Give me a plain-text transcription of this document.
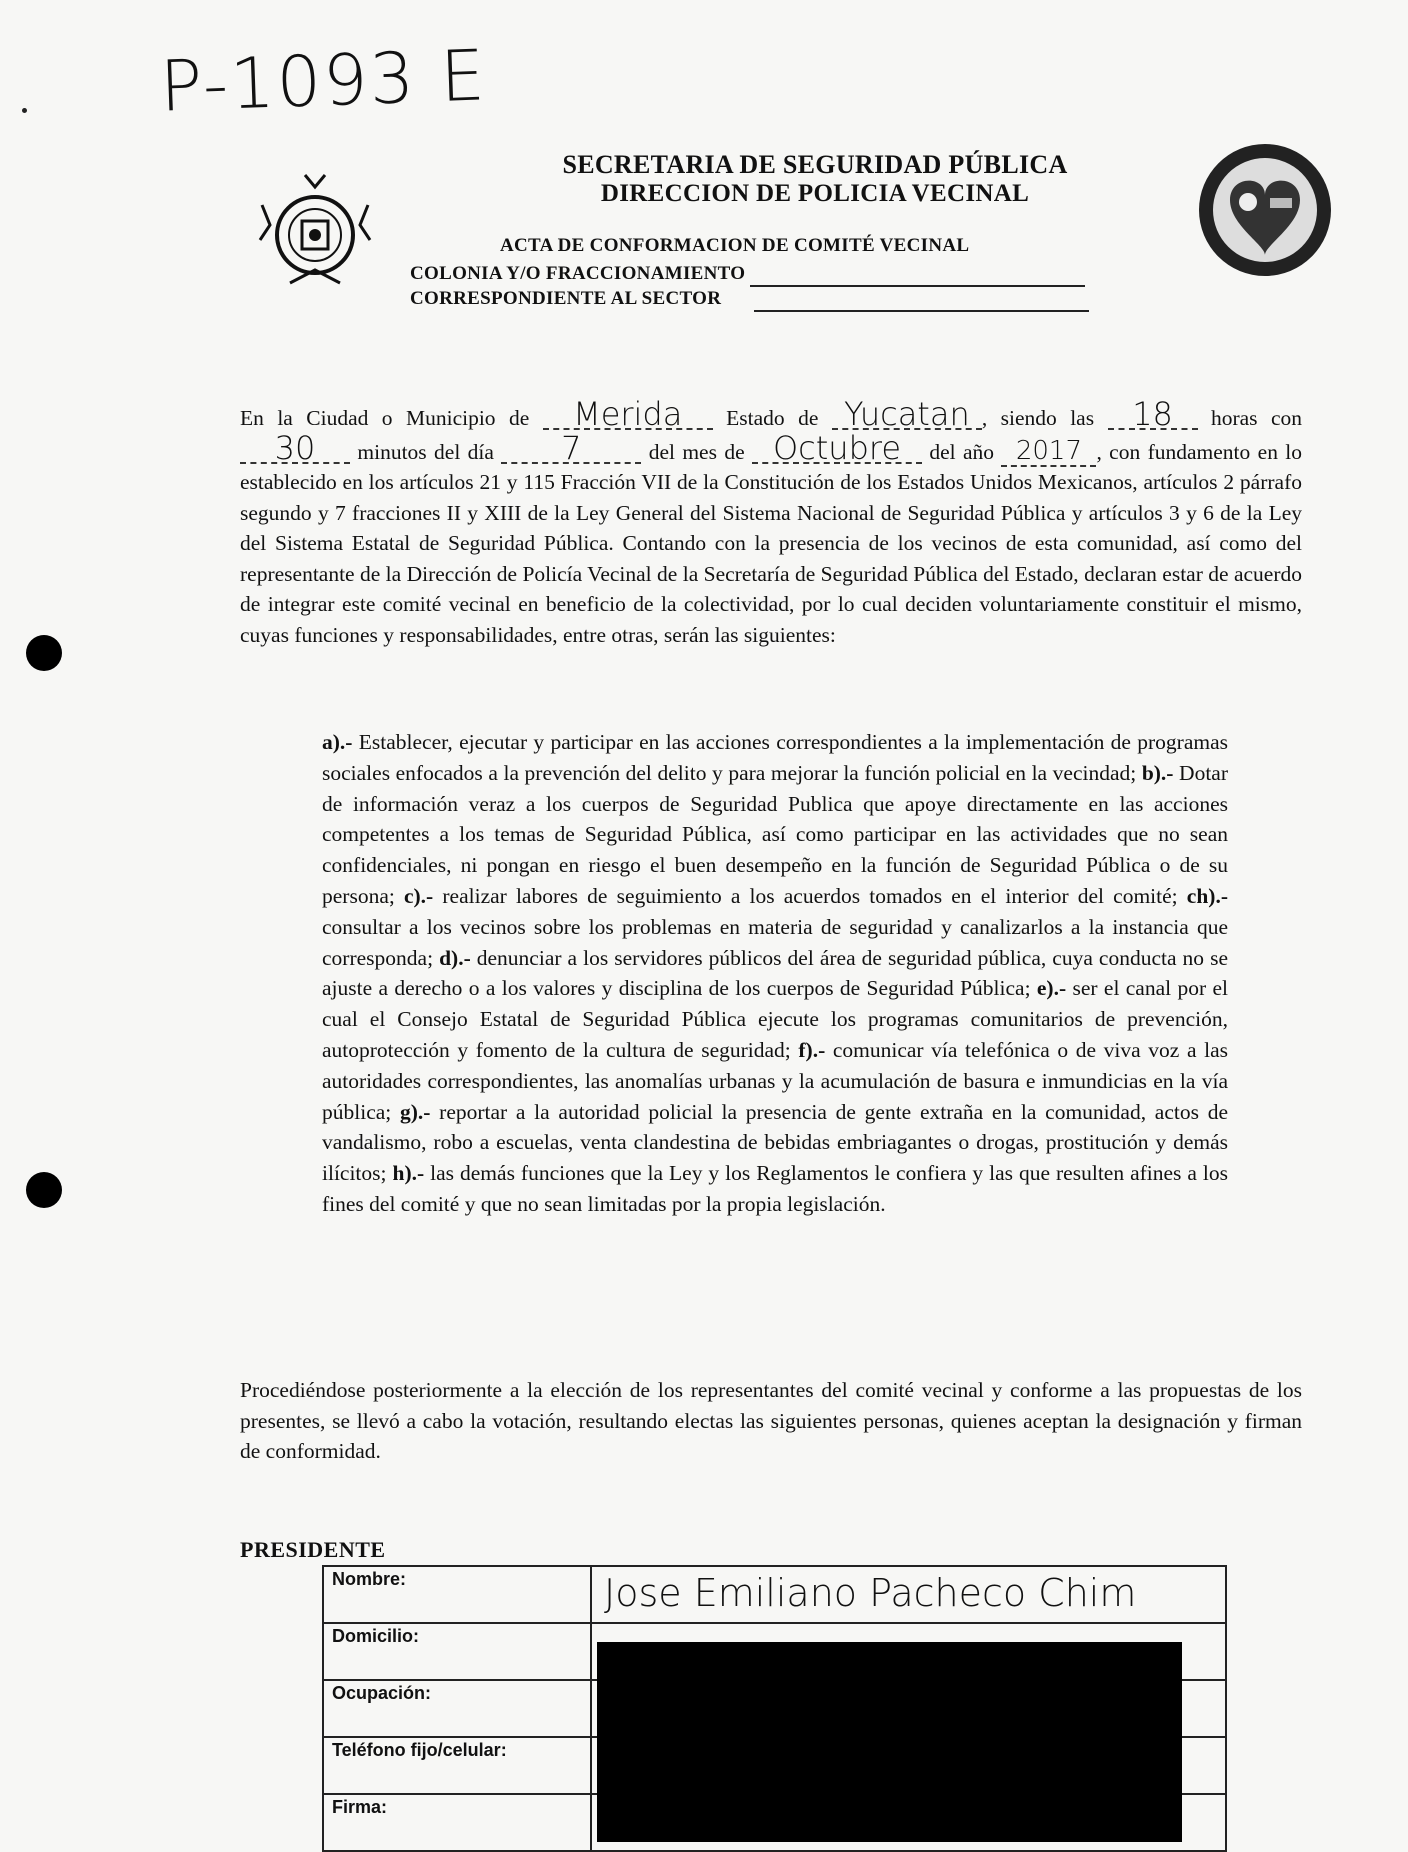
P-1093 E
SECRETARIA DE SEGURIDAD PÚBLICA
DIRECCION DE POLICIA VECINAL
ACTA DE CONFORMACION DE COMITÉ VECINAL
COLONIA Y/O FRACCIONAMIENTO
CORRESPONDIENTE AL SECTOR
En la Ciudad o Municipio de Merida Estado de Yucatan , siendo las 18 horas con 30 minutos del día 7	del mes de Octubre del año 2017 , con fundamento en lo establecido en los artículos 21 y 115 Fracción VII de la Constitución de los Estados Unidos Mexicanos, artículos 2 párrafo segundo y 7 fracciones II y XIII de la Ley General del Sistema Nacional de Seguridad Pública y artículos 3 y 6 de la Ley del Sistema Estatal de Seguridad Pública. Contando con la presencia de los vecinos de esta comunidad, así como del representante de la Dirección de Policía Vecinal de la Secretaría de Seguridad Pública del Estado, declaran estar de acuerdo de integrar este comité vecinal en beneficio de la colectividad, por lo cual deciden voluntariamente constituir el mismo, cuyas funciones y responsabilidades, entre otras, serán las siguientes:
a).- Establecer, ejecutar y participar en las acciones correspondientes a la implementación de programas sociales enfocados a la prevención del delito y para mejorar la función policial en la vecindad; b).- Dotar de información veraz a los cuerpos de Seguridad Publica que apoye directamente en las acciones competentes a los temas de Seguridad Pública, así como participar en las actividades que no sean confidenciales, ni pongan en riesgo el buen desempeño en la función de Seguridad Pública o de su persona; c).- realizar labores de seguimiento a los acuerdos tomados en el interior del comité; ch).- consultar a los vecinos sobre los problemas en materia de seguridad y canalizarlos a la instancia que corresponda; d).- denunciar a los servidores públicos del área de seguridad pública, cuya conducta no se ajuste a derecho o a los valores y disciplina de los cuerpos de Seguridad Pública; e).- ser el canal por el cual el Consejo Estatal de Seguridad Pública ejecute los programas comunitarios de prevención, autoprotección y fomento de la cultura de seguridad; f).- comunicar vía telefónica o de viva voz a las autoridades correspondientes, las anomalías urbanas y la acumulación de basura e inmundicias en la vía pública; g).- reportar a la autoridad policial la presencia de gente extraña en la comunidad, actos de vandalismo, robo a escuelas, venta clandestina de bebidas embriagantes o drogas, prostitución y demás ilícitos; h).- las demás funciones que la Ley y los Reglamentos le confiera y las que resulten afines a los fines del comité y que no sean limitadas por la propia legislación.
Procediéndose posteriormente a la elección de los representantes del comité vecinal y conforme a las propuestas de los presentes, se llevó a cabo la votación, resultando electas las siguientes personas, quienes aceptan la designación y firman de conformidad.
PRESIDENTE
Nombre:	Jose Emiliano Pacheco Chim

Domicilio:	
Ocupación:	
Teléfono fijo/celular:	
Firma:	
